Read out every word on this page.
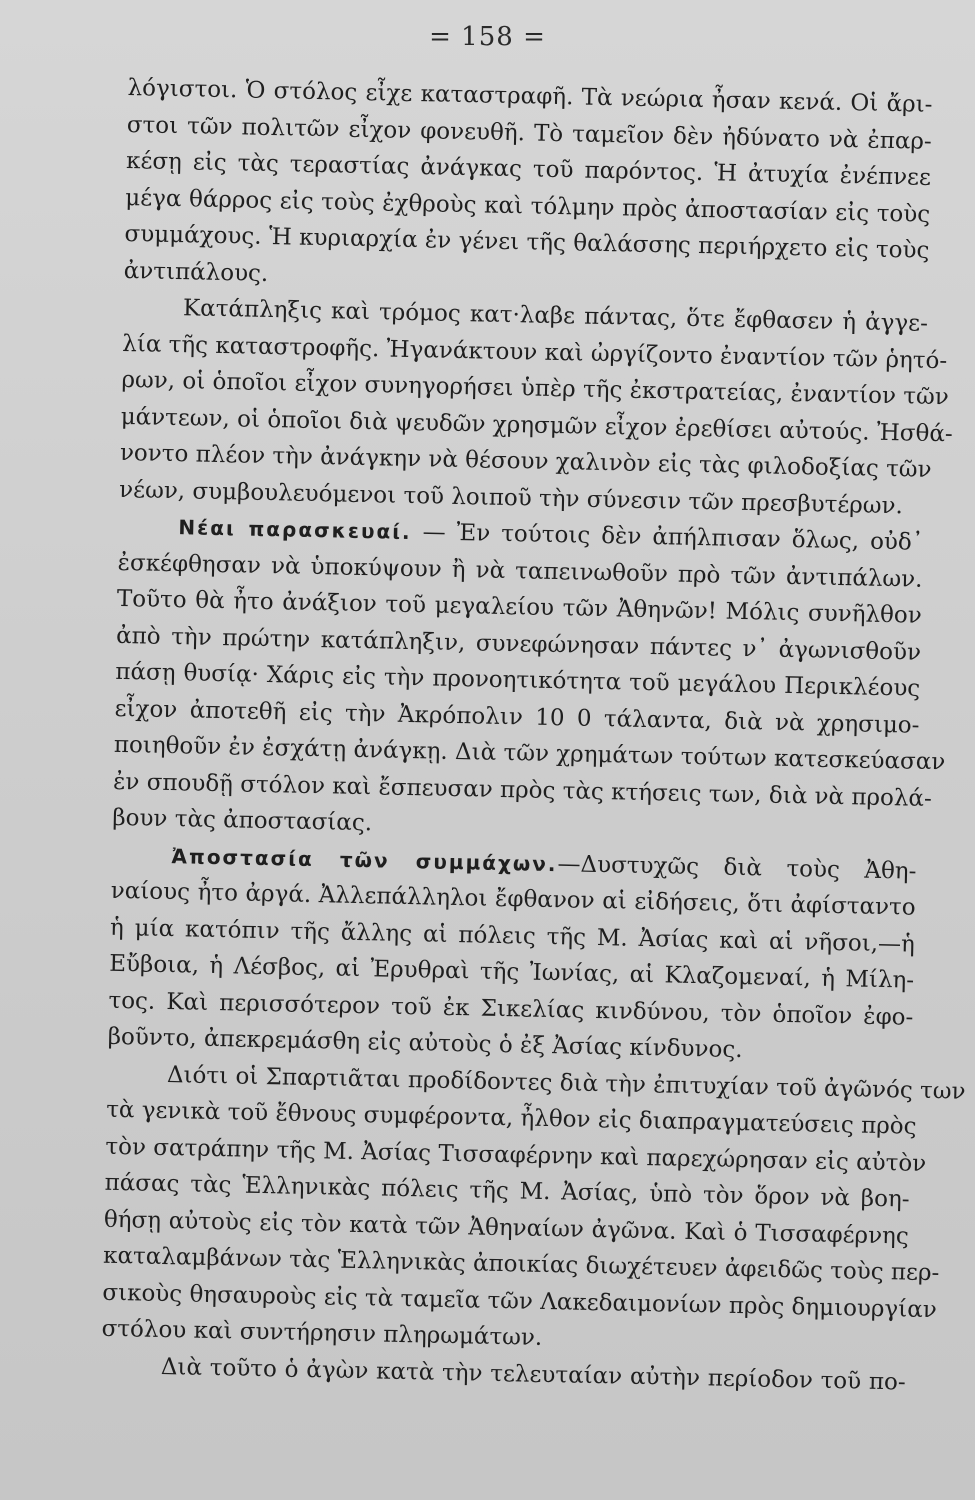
= 158 =
λόγιστοι. Ὁ στόλος εἶχε καταστραφῆ. Τὰ νεώρια ἦσαν κενά. Οἱ ἄρι-
στοι τῶν πολιτῶν εἶχον φονευθῆ. Τὸ ταμεῖον δὲν ἠδύνατο νὰ ἐπαρ-
κέσῃ εἰς τὰς τεραστίας ἀνάγκας τοῦ παρόντος. Ἡ ἀτυχία ἐνέπνεε
μέγα θάρρος εἰς τοὺς ἐχθροὺς καὶ τόλμην πρὸς ἀποστασίαν εἰς τοὺς
συμμάχους. Ἡ κυριαρχία ἐν γένει τῆς θαλάσσης περιήρχετο εἰς τοὺς
ἀντιπάλους.
Κατάπληξις καὶ τρόμος κατ·λαβε πάντας, ὅτε ἔφθασεν ἡ ἀγγε-
λία τῆς καταστροφῆς. Ἠγανάκτουν καὶ ὠργίζοντο ἐναντίον τῶν ῥητό-
ρων, οἱ ὁποῖοι εἶχον συνηγορήσει ὑπὲρ τῆς ἐκστρατείας, ἐναντίον τῶν
μάντεων, οἱ ὁποῖοι διὰ ψευδῶν χρησμῶν εἶχον ἐρεθίσει αὐτούς. Ἠσθά-
νοντο πλέον τὴν ἀνάγκην νὰ θέσουν χαλινὸν εἰς τὰς φιλοδοξίας τῶν
νέων, συμβουλευόμενοι τοῦ λοιποῦ τὴν σύνεσιν τῶν πρεσβυτέρων.
Νέαι παρασκευαί. — Ἐν τούτοις δὲν ἀπήλπισαν ὅλως, οὐδ᾽
ἐσκέφθησαν νὰ ὑποκύψουν ἢ νὰ ταπεινωθοῦν πρὸ τῶν ἀντιπάλων.
Τοῦτο θὰ ἦτο ἀνάξιον τοῦ μεγαλείου τῶν Ἀθηνῶν! Μόλις συνῆλθον
ἀπὸ τὴν πρώτην κατάπληξιν, συνεφώνησαν πάντες ν᾽ ἀγωνισθοῦν
πάσῃ θυσίᾳ· Χάρις εἰς τὴν προνοητικότητα τοῦ μεγάλου Περικλέους
εἶχον ἀποτεθῆ εἰς τὴν Ἀκρόπολιν 10 0 τάλαντα, διὰ νὰ χρησιμο-
ποιηθοῦν ἐν ἐσχάτῃ ἀνάγκῃ. Διὰ τῶν χρημάτων τούτων κατεσκεύασαν
ἐν σπουδῇ στόλον καὶ ἔσπευσαν πρὸς τὰς κτήσεις των, διὰ νὰ προλά-
βουν τὰς ἀποστασίας.
Ἀποστασία τῶν συμμάχων.—Δυστυχῶς διὰ τοὺς Ἀθη-
ναίους ἦτο ἀργά. Ἀλλεπάλληλοι ἔφθανον αἱ εἰδήσεις, ὅτι ἀφίσταντο
ἡ μία κατόπιν τῆς ἄλλης αἱ πόλεις τῆς Μ. Ἀσίας καὶ αἱ νῆσοι,—ἡ
Εὔβοια, ἡ Λέσβος, αἱ Ἐρυθραὶ τῆς Ἰωνίας, αἱ Κλαζομεναί, ἡ Μίλη-
τος. Καὶ περισσότερον τοῦ ἐκ Σικελίας κινδύνου, τὸν ὁποῖον ἐφο-
βοῦντο, ἀπεκρεμάσθη εἰς αὐτοὺς ὁ ἐξ Ἀσίας κίνδυνος.
Διότι οἱ Σπαρτιᾶται προδίδοντες διὰ τὴν ἐπιτυχίαν τοῦ ἀγῶνός των
τὰ γενικὰ τοῦ ἔθνους συμφέροντα, ἦλθον εἰς διαπραγματεύσεις πρὸς
τὸν σατράπην τῆς Μ. Ἀσίας Τισσαφέρνην καὶ παρεχώρησαν εἰς αὐτὸν
πάσας τὰς Ἑλληνικὰς πόλεις τῆς Μ. Ἀσίας, ὑπὸ τὸν ὅρον νὰ βοη-
θήσῃ αὐτοὺς εἰς τὸν κατὰ τῶν Ἀθηναίων ἀγῶνα. Καὶ ὁ Τισσαφέρνης
καταλαμβάνων τὰς Ἑλληνικὰς ἀποικίας διωχέτευεν ἀφειδῶς τοὺς περ-
σικοὺς θησαυροὺς εἰς τὰ ταμεῖα τῶν Λακεδαιμονίων πρὸς δημιουργίαν
στόλου καὶ συντήρησιν πληρωμάτων.
Διὰ τοῦτο ὁ ἀγὼν κατὰ τὴν τελευταίαν αὐτὴν περίοδον τοῦ πο-
